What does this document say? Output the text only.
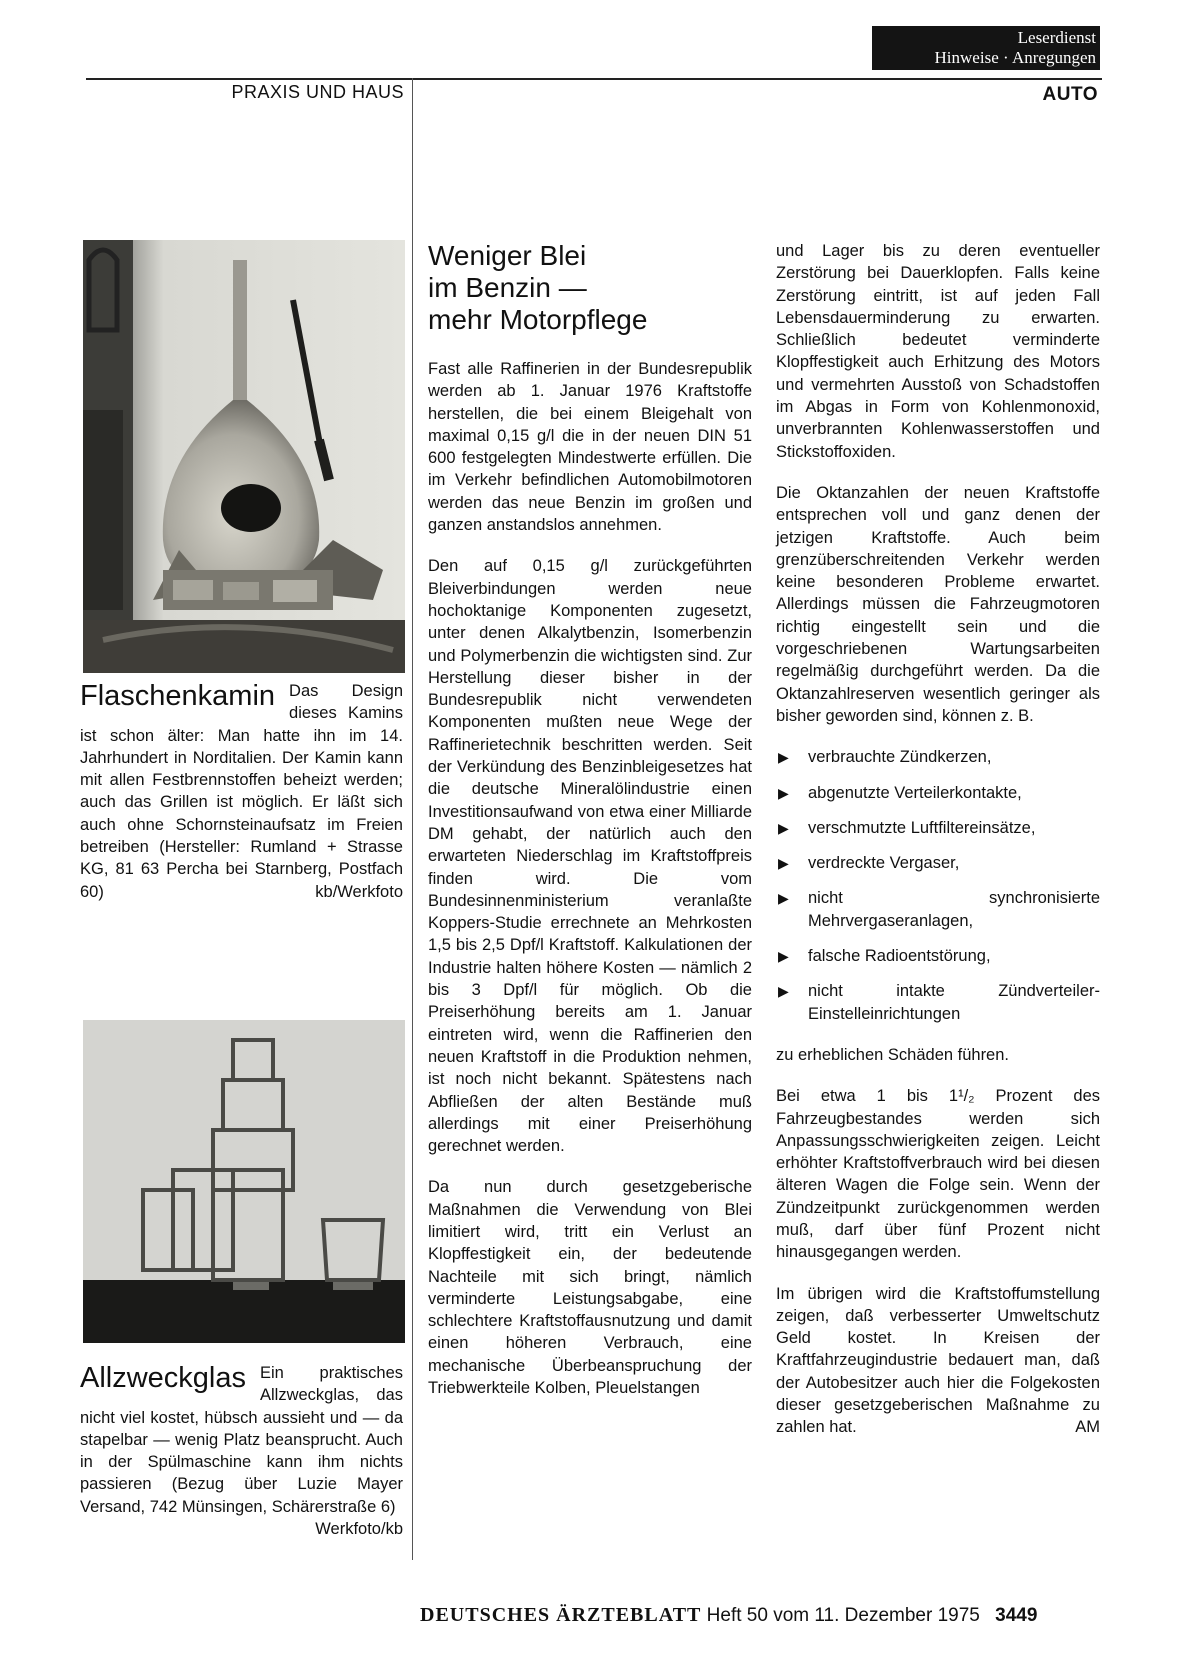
Leserdienst
Hinweise · Anregungen
PRAXIS UND HAUS	AUTO
Flaschenkamin Das Design dieses Kamins ist schon älter: Man hatte ihn im 14. Jahrhundert in Norditalien. Der Kamin kann mit allen Festbrennstoffen beheizt werden; auch das Grillen ist möglich. Er läßt sich auch ohne Schornsteinaufsatz im Freien betreiben (Hersteller: Rumland + Strasse KG, 81 63 Percha bei Starnberg, Postfach 60)	kb/Werkfoto
Allzweckglas Ein praktisches Allzweckglas, das nicht viel kostet, hübsch aussieht und — da stapelbar — wenig Platz beansprucht. Auch in der Spülmaschine kann ihm nichts passieren (Bezug über Luzie Mayer Versand, 742 Münsingen, Schärerstraße 6)
Werkfoto/kb
Weniger Blei
im Benzin —
mehr Motorpflege

Fast alle Raffinerien in der Bundesrepublik werden ab 1. Januar 1976 Kraftstoffe herstellen, die bei einem Bleigehalt von maximal 0,15 g/l die in der neuen DIN 51 600 festgelegten Mindestwerte erfüllen. Die im Verkehr befindlichen Automobilmotoren werden das neue Benzin im großen und ganzen anstandslos annehmen.

Den auf 0,15 g/l zurückgeführten Bleiverbindungen werden neue hochoktanige Komponenten zugesetzt, unter denen Alkalytbenzin, Isomerbenzin und Polymerbenzin die wichtigsten sind. Zur Herstellung dieser bisher in der Bundesrepublik nicht verwendeten Komponenten mußten neue Wege der Raffinerietechnik beschritten werden. Seit der Verkündung des Benzinbleigesetzes hat die deutsche Mineralölindustrie einen Investitionsaufwand von etwa einer Milliarde DM gehabt, der natürlich auch den erwarteten Niederschlag im Kraftstoffpreis finden wird. Die vom Bundesinnenministerium veranlaßte Koppers-Studie errechnete an Mehrkosten 1,5 bis 2,5 Dpf/l Kraftstoff. Kalkulationen der Industrie halten höhere Kosten — nämlich 2 bis 3 Dpf/l für möglich. Ob die Preiserhöhung bereits am 1. Januar eintreten wird, wenn die Raffinerien den neuen Kraftstoff in die Produktion nehmen, ist noch nicht bekannt. Spätestens nach Abfließen der alten Bestände muß allerdings mit einer Preiserhöhung gerechnet werden.

Da nun durch gesetzgeberische Maßnahmen die Verwendung von Blei limitiert wird, tritt ein Verlust an Klopffestigkeit ein, der bedeutende Nachteile mit sich bringt, nämlich verminderte Leistungsabgabe, eine schlechtere Kraftstoffausnutzung und damit einen höheren Verbrauch, eine mechanische Überbeanspruchung der Triebwerkteile Kolben, Pleuelstangen

und Lager bis zu deren eventueller Zerstörung bei Dauerklopfen. Falls keine Zerstörung eintritt, ist auf jeden Fall Lebensdauerminderung zu erwarten. Schließlich bedeutet verminderte Klopffestigkeit auch Erhitzung des Motors und vermehrten Ausstoß von Schadstoffen im Abgas in Form von Kohlenmonoxid, unverbrannten Kohlenwasserstoffen und Stickstoffoxiden.

Die Oktanzahlen der neuen Kraftstoffe entsprechen voll und ganz denen der jetzigen Kraftstoffe. Auch beim grenzüberschreitenden Verkehr werden keine besonderen Probleme erwartet. Allerdings müssen die Fahrzeugmotoren richtig eingestellt sein und die vorgeschriebenen Wartungsarbeiten regelmäßig durchgeführt werden. Da die Oktanzahlreserven wesentlich geringer als bisher geworden sind, können z. B.

▶ verbrauchte Zündkerzen,
▶ abgenutzte Verteilerkontakte,
▶ verschmutzte Luftfiltereinsätze,
▶ verdreckte Vergaser,
▶ nicht synchronisierte Mehrvergaseranlagen,
▶ falsche Radioentstörung,
▶ nicht intakte Zündverteiler-Einstelleinrichtungen

zu erheblichen Schäden führen.

Bei etwa 1 bis 1¹/₂ Prozent des Fahrzeugbestandes werden sich Anpassungsschwierigkeiten zeigen. Leicht erhöhter Kraftstoffverbrauch wird bei diesen älteren Wagen die Folge sein. Wenn der Zündzeitpunkt zurückgenommen werden muß, darf über fünf Prozent nicht hinausgegangen werden.

Im übrigen wird die Kraftstoffumstellung zeigen, daß verbesserter Umweltschutz Geld kostet. In Kreisen der Kraftfahrzeugindustrie bedauert man, daß der Autobesitzer auch hier die Folgekosten dieser gesetzgeberischen Maßnahme zu zahlen hat.	AM

DEUTSCHES ÄRZTEBLATT Heft 50 vom 11. Dezember 1975 3449
